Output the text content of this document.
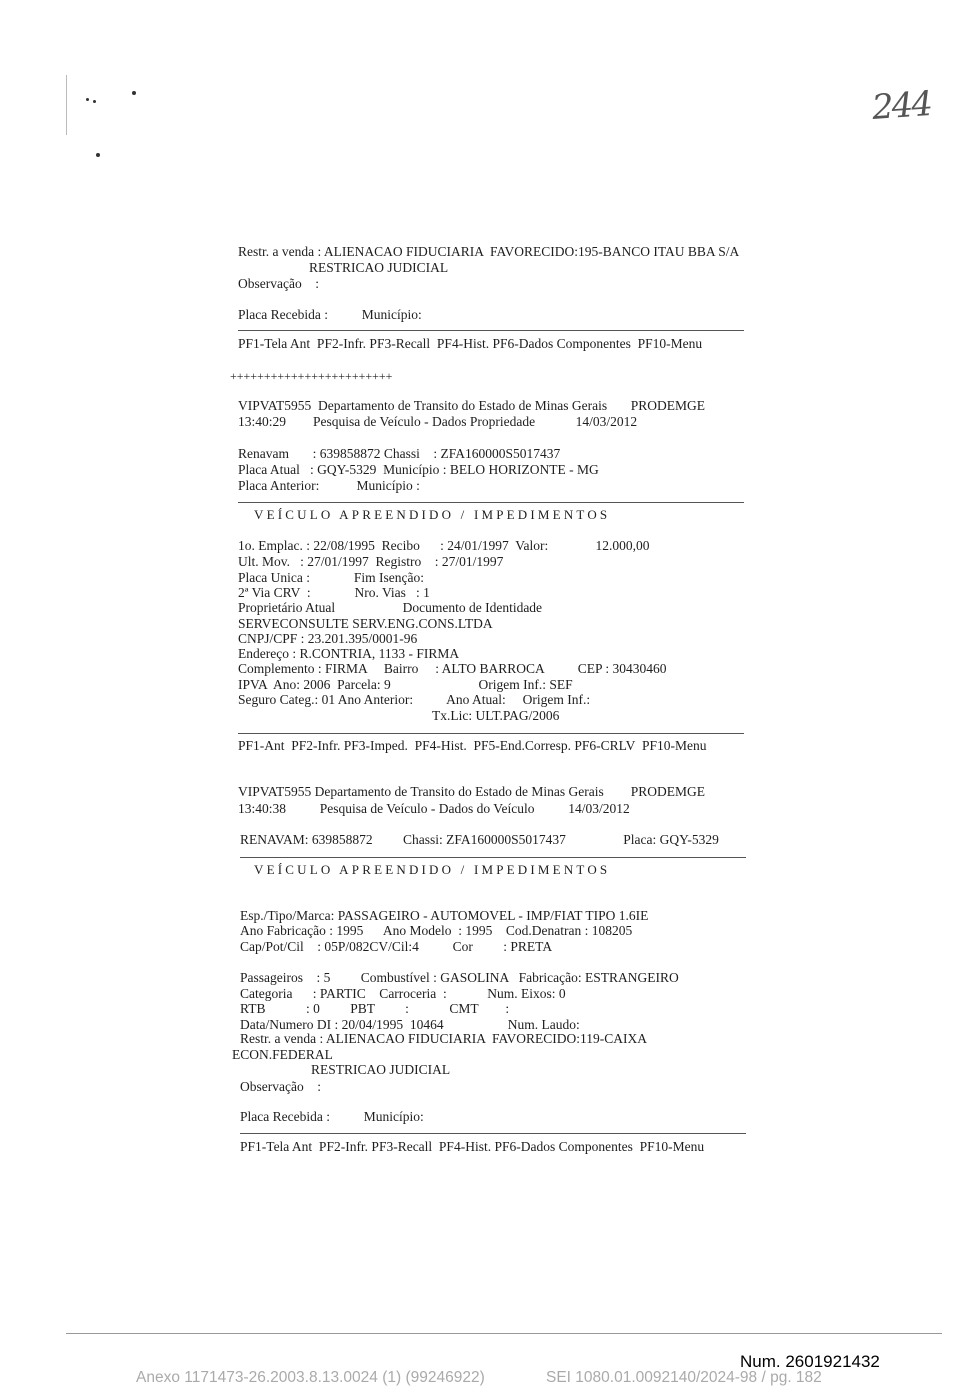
244
Restr. a venda : ALIENACAO FIDUCIARIA  FAVORECIDO:195-BANCO ITAU BBA S/A
RESTRICAO JUDICIAL
Observação    :
Placa Recebida :          Município:
PF1-Tela Ant  PF2-Infr. PF3-Recall  PF4-Hist. PF6-Dados Componentes  PF10-Menu
++++++++++++++++++++++++
VIPVAT5955  Departamento de Transito do Estado de Minas Gerais       PRODEMGE
13:40:29        Pesquisa de Veículo - Dados Propriedade            14/03/2012
Renavam       : 639858872 Chassi    : ZFA160000S5017437
Placa Atual   : GQY-5329  Município : BELO HORIZONTE - MG
Placa Anterior:           Município :
VEÍCULO APREENDIDO / IMPEDIMENTOS
1o. Emplac. : 22/08/1995  Recibo      : 24/01/1997  Valor:              12.000,00
Ult. Mov.   : 27/01/1997  Registro    : 27/01/1997
Placa Unica :             Fim Isenção:
2ª Via CRV  :             Nro. Vias   : 1
Proprietário Atual                    Documento de Identidade
SERVECONSULTE SERV.ENG.CONS.LTDA
CNPJ/CPF : 23.201.395/0001-96
Endereço : R.CONTRIA, 1133 - FIRMA
Complemento : FIRMA     Bairro     : ALTO BARROCA          CEP : 30430460
IPVA  Ano: 2006  Parcela: 9                          Origem Inf.: SEF
Seguro Categ.: 01 Ano Anterior:          Ano Atual:     Origem Inf.:
Tx.Lic: ULT.PAG/2006
PF1-Ant  PF2-Infr. PF3-Imped.  PF4-Hist.  PF5-End.Corresp. PF6-CRLV  PF10-Menu
VIPVAT5955 Departamento de Transito do Estado de Minas Gerais        PRODEMGE
13:40:38          Pesquisa de Veículo - Dados do Veículo          14/03/2012
RENAVAM: 639858872         Chassi: ZFA160000S5017437                 Placa: GQY-5329
VEÍCULO APREENDIDO / IMPEDIMENTOS
Esp./Tipo/Marca: PASSAGEIRO - AUTOMOVEL - IMP/FIAT TIPO 1.6IE
Ano Fabricação : 1995      Ano Modelo  : 1995    Cod.Denatran : 108205
Cap/Pot/Cil    : 05P/082CV/Cil:4          Cor         : PRETA
Passageiros    : 5         Combustível : GASOLINA   Fabricação: ESTRANGEIRO
Categoria      : PARTIC    Carroceria  :            Num. Eixos: 0
RTB            : 0         PBT         :            CMT        :
Data/Numero DI : 20/04/1995  10464                   Num. Laudo:
Restr. a venda : ALIENACAO FIDUCIARIA  FAVORECIDO:119-CAIXA
ECON.FEDERAL
RESTRICAO JUDICIAL
Observação    :
Placa Recebida :          Município:
PF1-Tela Ant  PF2-Infr. PF3-Recall  PF4-Hist. PF6-Dados Componentes  PF10-Menu
Num. 2601921432
Anexo 1171473-26.2003.8.13.0024 (1) (99246922)	SEI 1080.01.0092140/2024-98 / pg. 182
